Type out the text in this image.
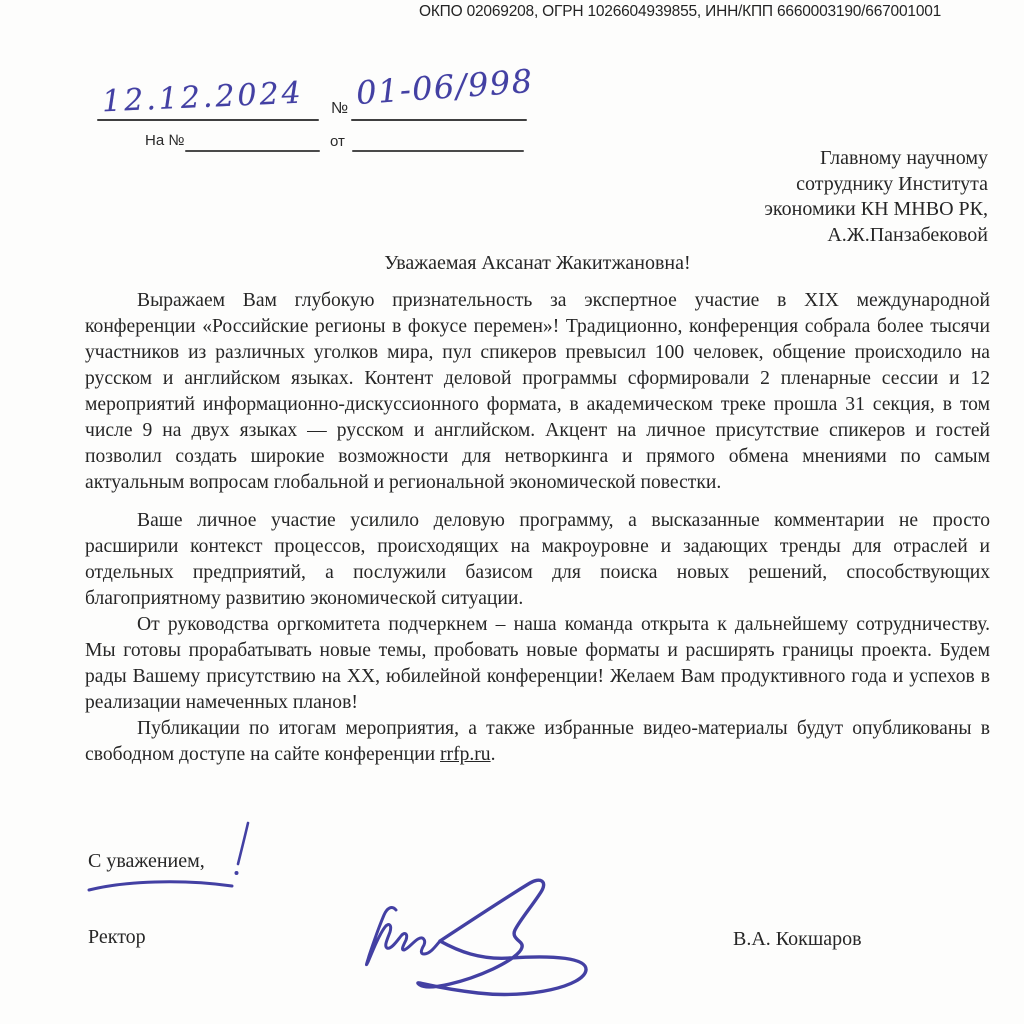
ОКПО 02069208, ОГРН 1026604939855, ИНН/КПП 6660003190/667001001
12.12.2024 № 01-06/998
На №	от
Главному научному
сотруднику Института
экономики КН МНВО РК,
А.Ж.Панзабековой
Уважаемая Аксанат Жакитжановна!

Выражаем Вам глубокую признательность за экспертное участие в XIX международной конференции «Российские регионы в фокусе перемен»! Традиционно, конференция собрала более тысячи участников из различных уголков мира, пул спикеров превысил 100 человек, общение происходило на русском и английском языках. Контент деловой программы сформировали 2 пленарные сессии и 12 мероприятий информационно-дискуссионного формата, в академическом треке прошла 31 секция, в том числе 9 на двух языках — русском и английском. Акцент на личное присутствие спикеров и гостей позволил создать широкие возможности для нетворкинга и прямого обмена мнениями по самым актуальным вопросам глобальной и региональной экономической повестки.

Ваше личное участие усилило деловую программу, а высказанные комментарии не просто расширили контекст процессов, происходящих на макроуровне и задающих тренды для отраслей и отдельных предприятий, а послужили базисом для поиска новых решений, способствующих благоприятному развитию экономической ситуации.

От руководства оргкомитета подчеркнем – наша команда открыта к дальнейшему сотрудничеству. Мы готовы прорабатывать новые темы, пробовать новые форматы и расширять границы проекта. Будем рады Вашему присутствию на XX, юбилейной конференции! Желаем Вам продуктивного года и успехов в реализации намеченных планов!

Публикации по итогам мероприятия, а также избранные видео-материалы будут опубликованы в свободном доступе на сайте конференции rrfp.ru.

С уважением,
Ректор	В.А. Кокшаров
